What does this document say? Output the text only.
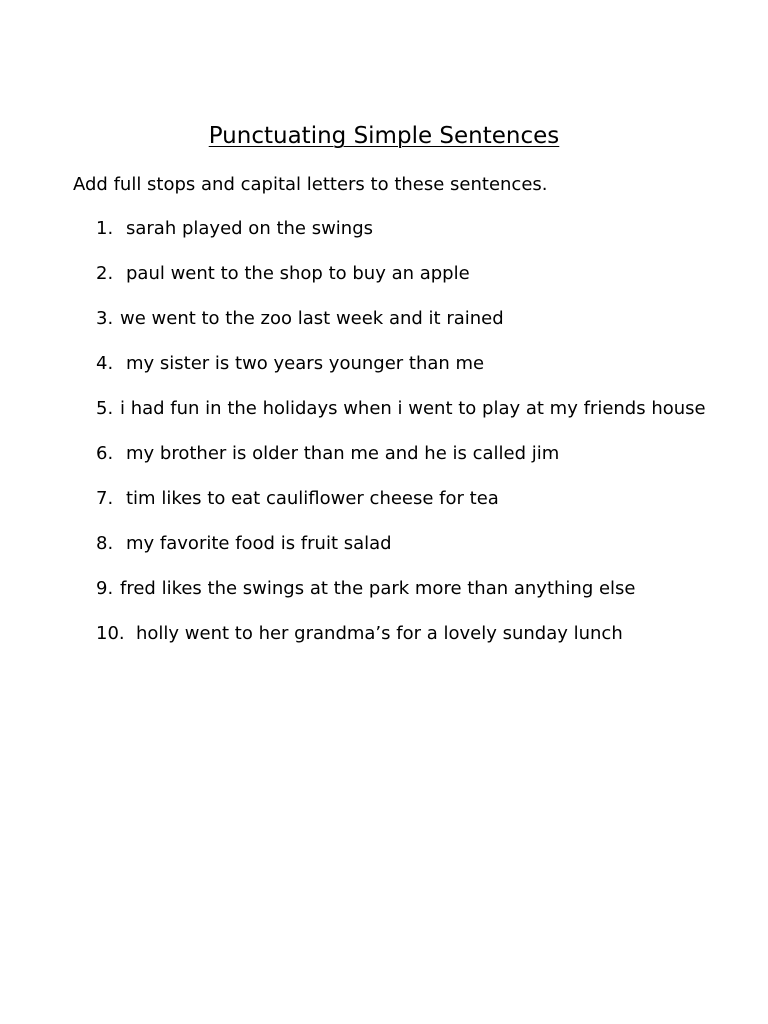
Punctuating Simple Sentences

Add full stops and capital letters to these sentences.

1. sarah played on the swings
2. paul went to the shop to buy an apple
3. we went to the zoo last week and it rained
4. my sister is two years younger than me
5. i had fun in the holidays when i went to play at my friends house
6. my brother is older than me and he is called jim
7. tim likes to eat cauliflower cheese for tea
8. my favorite food is fruit salad
9. fred likes the swings at the park more than anything else
10. holly went to her grandma’s for a lovely sunday lunch
